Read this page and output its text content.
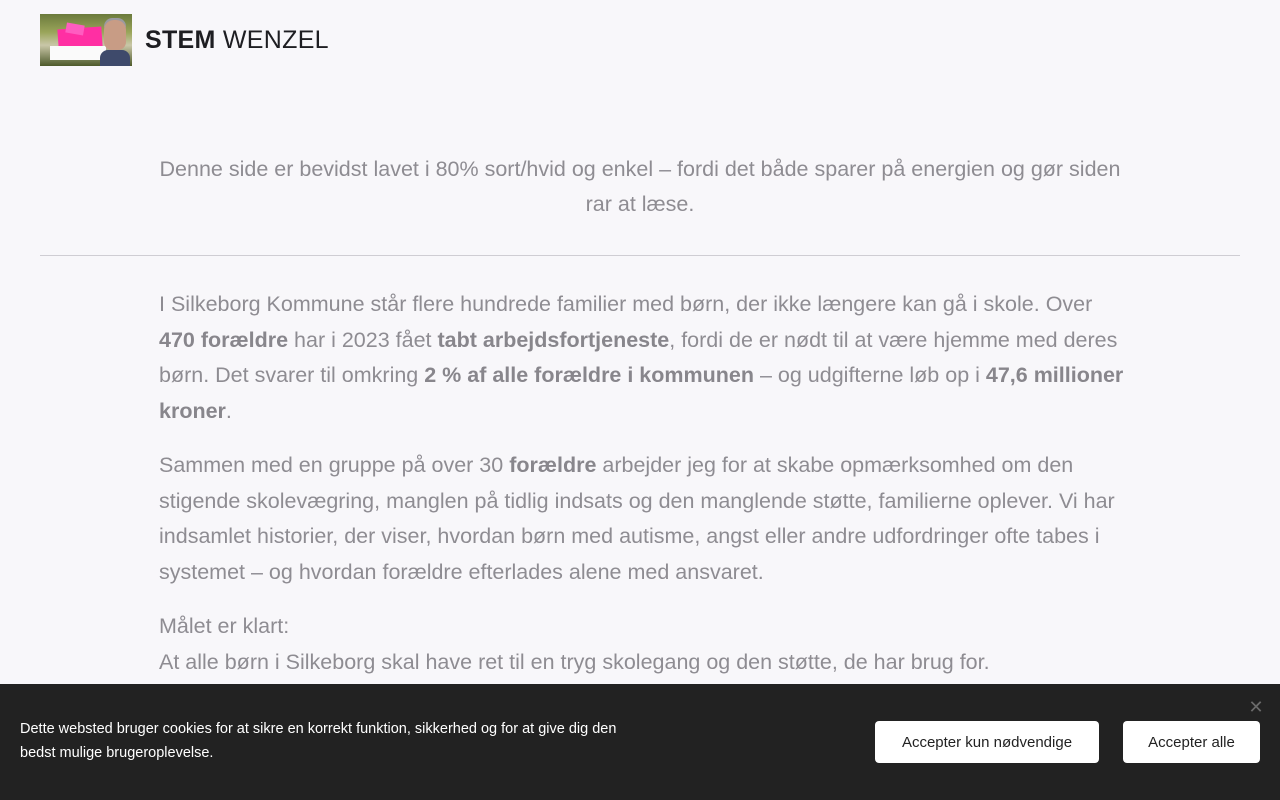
STEM WENZEL
Denne side er bevidst lavet i 80% sort/hvid og enkel – fordi det både sparer på energien og gør siden rar at læse.

I Silkeborg Kommune står flere hundrede familier med børn, der ikke længere kan gå i skole. Over 470 forældre har i 2023 fået tabt arbejdsfortjeneste, fordi de er nødt til at være hjemme med deres børn. Det svarer til omkring 2 % af alle forældre i kommunen – og udgifterne løb op i 47,6 millioner kroner.

Sammen med en gruppe på over 30 forældre arbejder jeg for at skabe opmærksomhed om den stigende skolevægring, manglen på tidlig indsats og den manglende støtte, familierne oplever. Vi har indsamlet historier, der viser, hvordan børn med autisme, angst eller andre udfordringer ofte tabes i systemet – og hvordan forældre efterlades alene med ansvaret.

Målet er klart:
At alle børn i Silkeborg skal have ret til en tryg skolegang og den støtte, de har brug for.

✕
Dette websted bruger cookies for at sikre en korrekt funktion, sikkerhed og for at give dig den bedst mulige brugeroplevelse.
Accepter kun nødvendige	Accepter alle
